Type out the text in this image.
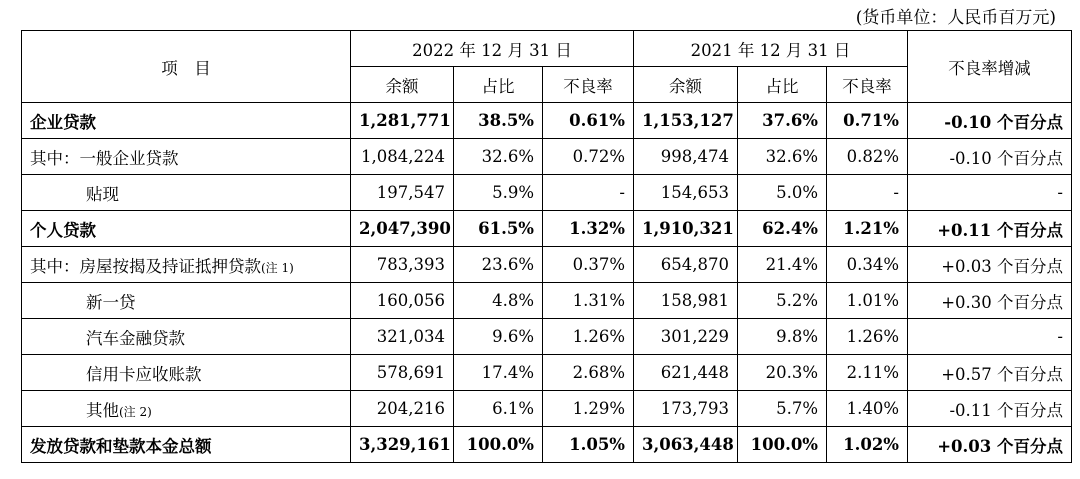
(货币单位：人民币百万元)
项　目	2022 年 12 月 31 日			2021 年 12 月 31 日			不良率增减
	余额	占比	不良率	余额	占比	不良率	
企业贷款	1,281,771	38.5%	0.61%	1,153,127	37.6%	0.71%	-0.10 个百分点
其中：一般企业贷款	1,084,224	32.6%	0.72%	998,474	32.6%	0.82%	-0.10 个百分点
贴现	197,547	5.9%	-	154,653	5.0%	-	-
个人贷款	2,047,390	61.5%	1.32%	1,910,321	62.4%	1.21%	+0.11 个百分点
其中：房屋按揭及持证抵押贷款(注 1)	783,393	23.6%	0.37%	654,870	21.4%	0.34%	+0.03 个百分点
新一贷	160,056	4.8%	1.31%	158,981	5.2%	1.01%	+0.30 个百分点
汽车金融贷款	321,034	9.6%	1.26%	301,229	9.8%	1.26%	-
信用卡应收账款	578,691	17.4%	2.68%	621,448	20.3%	2.11%	+0.57 个百分点
其他(注 2)	204,216	6.1%	1.29%	173,793	5.7%	1.40%	-0.11 个百分点
发放贷款和垫款本金总额	3,329,161	100.0%	1.05%	3,063,448	100.0%	1.02%	+0.03 个百分点
